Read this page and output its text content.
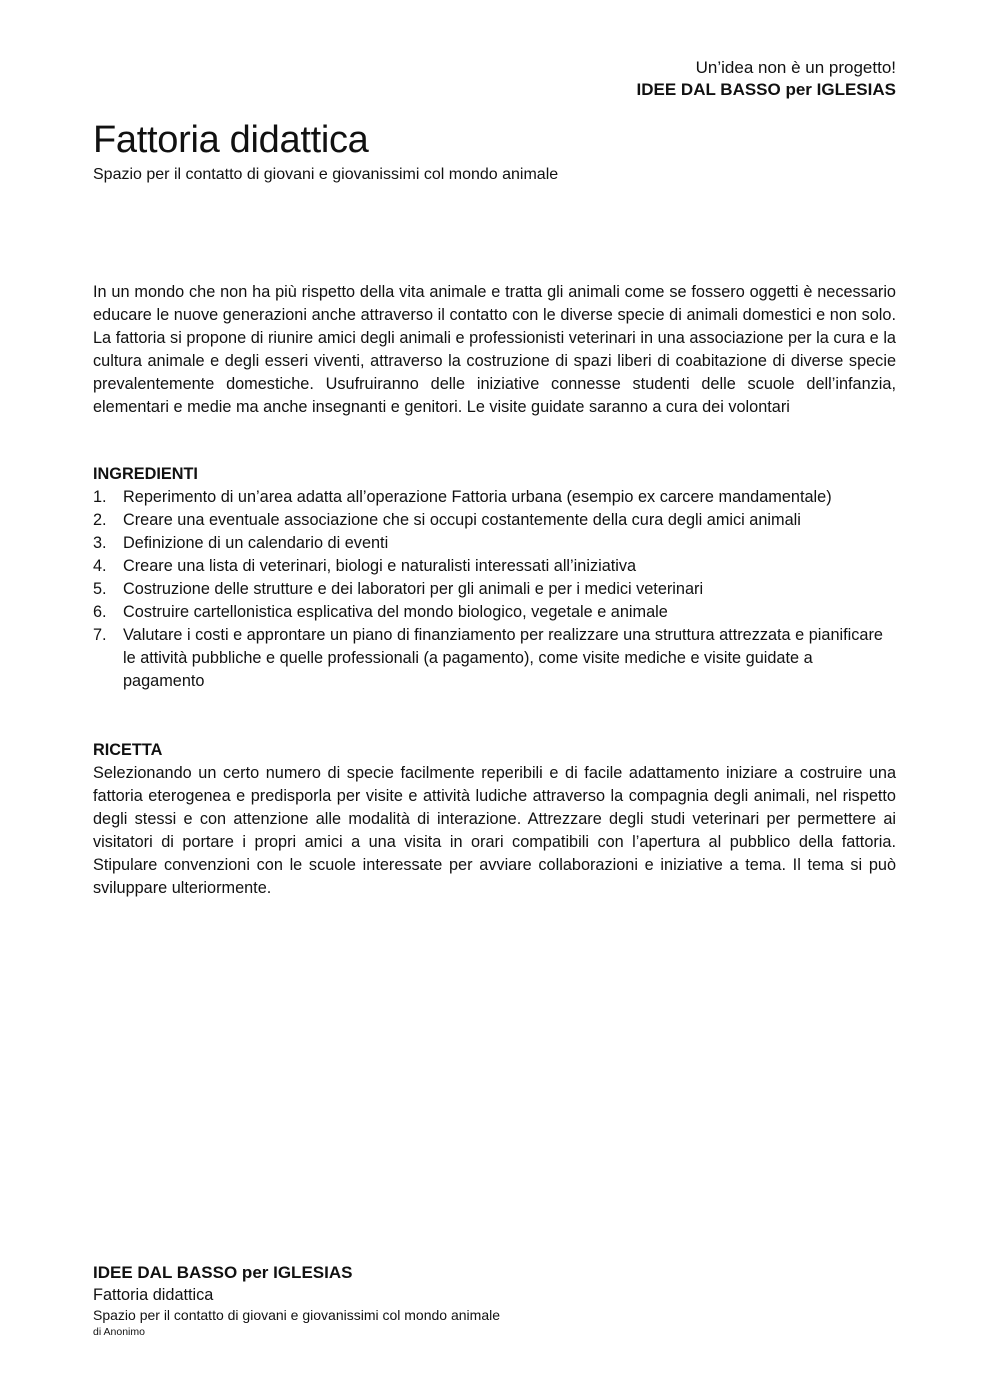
Un’idea non è un progetto!
IDEE DAL BASSO per IGLESIAS
Fattoria didattica
Spazio per il contatto di giovani e giovanissimi col mondo animale

In un mondo che non ha più rispetto della vita animale e tratta gli animali come se fossero oggetti è necessario educare le nuove generazioni anche attraverso il contatto con le diverse specie di animali domestici e non solo. La fattoria si propone di riunire amici degli animali e professionisti veterinari in una associazione per la cura e la cultura animale e degli esseri viventi, attraverso la costruzione di spazi liberi di coabitazione di diverse specie prevalentemente domestiche. Usufruiranno delle iniziative connesse studenti delle scuole dell’infanzia, elementari e medie ma anche insegnanti e genitori. Le visite guidate saranno a cura dei volontari

INGREDIENTI
1. Reperimento di un’area adatta all’operazione Fattoria urbana (esempio ex carcere mandamentale)
2. Creare una eventuale associazione che si occupi costantemente della cura degli amici animali
3. Definizione di un calendario di eventi
4. Creare una lista di veterinari, biologi e naturalisti interessati all’iniziativa
5. Costruzione delle strutture e dei laboratori per gli animali e per i medici veterinari
6. Costruire cartellonistica esplicativa del mondo biologico, vegetale e animale
7. Valutare i costi e approntare un piano di finanziamento per realizzare una struttura attrezzata e pianificare le attività pubbliche e quelle professionali (a pagamento), come visite mediche e visite guidate a pagamento
RICETTA

Selezionando un certo numero di specie facilmente reperibili e di facile adattamento iniziare a costruire una fattoria eterogenea e predisporla per visite e attività ludiche attraverso la compagnia degli animali, nel rispetto degli stessi e con attenzione alle modalità di interazione. Attrezzare degli studi veterinari per permettere ai visitatori di portare i propri amici a una visita in orari compatibili con l’apertura al pubblico della fattoria. Stipulare convenzioni con le scuole interessate per avviare collaborazioni e iniziative a tema. Il tema si può sviluppare ulteriormente.

IDEE DAL BASSO per IGLESIAS
Fattoria didattica
Spazio per il contatto di giovani e giovanissimi col mondo animale
di Anonimo
